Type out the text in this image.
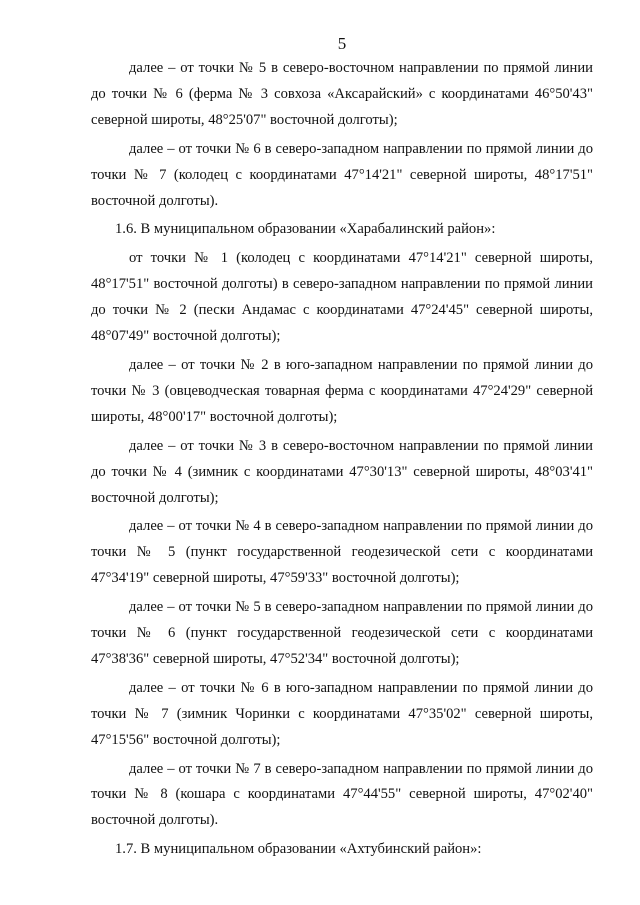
5

далее – от точки № 5 в северо-восточном направлении по прямой линии до точки № 6 (ферма № 3 совхоза «Аксарайский» с координатами 46°50'43" северной широты, 48°25'07" восточной долготы);

далее – от точки № 6 в северо-западном направлении по прямой линии до точки № 7 (колодец с координатами 47°14'21" северной широты, 48°17'51" восточной долготы).

1.6. В муниципальном образовании «Харабалинский район»:

от точки № 1 (колодец с координатами 47°14'21" северной широты, 48°17'51" восточной долготы) в северо-западном направлении по прямой линии до точки № 2 (пески Андамас с координатами 47°24'45" северной широты, 48°07'49" восточной долготы);

далее – от точки № 2 в юго-западном направлении по прямой линии до точки № 3 (овцеводческая товарная ферма с координатами 47°24'29" северной широты, 48°00'17" восточной долготы);

далее – от точки № 3 в северо-восточном направлении по прямой линии до точки № 4 (зимник с координатами 47°30'13" северной широты, 48°03'41" восточной долготы);

далее – от точки № 4 в северо-западном направлении по прямой линии до точки № 5 (пункт государственной геодезической сети с координатами 47°34'19" северной широты, 47°59'33" восточной долготы);

далее – от точки № 5 в северо-западном направлении по прямой линии до точки № 6 (пункт государственной геодезической сети с координатами 47°38'36" северной широты, 47°52'34" восточной долготы);

далее – от точки № 6 в юго-западном направлении по прямой линии до точки № 7 (зимник Чоринки с координатами 47°35'02" северной широты, 47°15'56" восточной долготы);

далее – от точки № 7 в северо-западном направлении по прямой линии до точки № 8 (кошара с координатами 47°44'55" северной широты, 47°02'40" восточной долготы).

1.7. В муниципальном образовании «Ахтубинский район»:
